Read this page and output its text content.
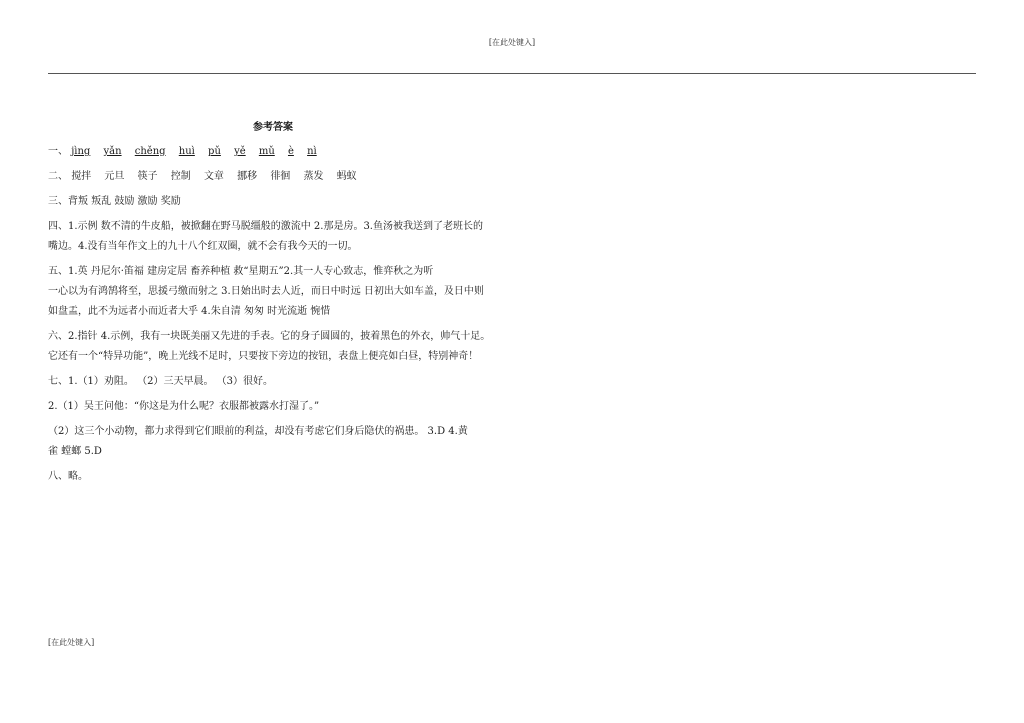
[在此处键入]
参考答案
一、 jìng yǎn chěng huì pǔ yě mǔ è nì
二、 搅拌 元旦 筷子 控制 文章 挪移 徘徊 蒸发 蚂蚁
三、背叛 叛乱 鼓励 激励 奖励
四、1.示例 数不清的牛皮船，被掀翻在野马脱缰般的激流中 2.那是房。3.鱼汤被我送到了老班长的
嘴边。4.没有当年作文上的九十八个红双圈，就不会有我今天的一切。
五、1.英 丹尼尔·笛福 建房定居 畜养种植 救“星期五”2.其一人专心致志，惟弈秋之为听
一心以为有鸿鹄将至，思援弓缴而射之 3.日始出时去人近，而日中时远 日初出大如车盖，及日中则
如盘盂，此不为远者小而近者大乎 4.朱自清 匆匆 时光流逝 惋惜
六、2.指针 4.示例，我有一块既美丽又先进的手表。它的身子圆圆的，披着黑色的外衣，帅气十足。
它还有一个“特异功能”，晚上光线不足时，只要按下旁边的按钮，表盘上便亮如白昼，特别神奇！
七、1.（1）劝阻。 （2）三天早晨。 （3）很好。
2.（1）吴王问他：“你这是为什么呢？衣服都被露水打湿了。”
（2）这三个小动物，都力求得到它们眼前的利益，却没有考虑它们身后隐伏的祸患。 3.D 4.黄
雀 螳螂 5.D
八、略。
[在此处键入]
